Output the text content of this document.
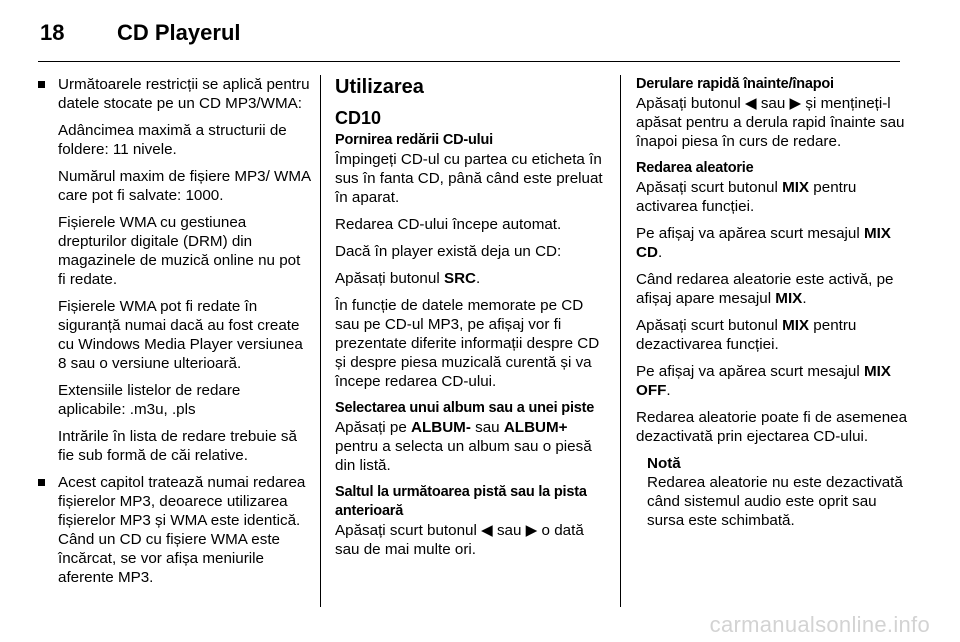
18 CD Playerul

Următoarele restricții se aplică pentru datele stocate pe un CD MP3/WMA:

Adâncimea maximă a structurii de foldere: 11 nivele.

Numărul maxim de fișiere MP3/ WMA care pot fi salvate: 1000.

Fișierele WMA cu gestiunea drepturilor digitale (DRM) din magazinele de muzică online nu pot fi redate.

Fișierele WMA pot fi redate în siguranță numai dacă au fost create cu Windows Media Player versiunea 8 sau o versiune ulterioară.

Extensiile listelor de redare aplicabile: .m3u, .pls

Intrările în lista de redare trebuie să fie sub formă de căi relative.

Acest capitol tratează numai redarea fișierelor MP3, deoarece utilizarea fișierelor MP3 și WMA este identică. Când un CD cu fișiere WMA este încărcat, se vor afișa meniurile aferente MP3.

Utilizarea
CD10
Pornirea redării CD-ului

Împingeți CD-ul cu partea cu eticheta în sus în fanta CD, până când este preluat în aparat.

Redarea CD-ului începe automat.

Dacă în player există deja un CD:

Apăsați butonul SRC.

În funcție de datele memorate pe CD sau pe CD-ul MP3, pe afișaj vor fi prezentate diferite informații despre CD și despre piesa muzicală curentă și va începe redarea CD-ului.

Selectarea unui album sau a unei piste

Apăsați pe ALBUM- sau ALBUM+ pentru a selecta un album sau o piesă din listă.

Saltul la următoarea pistă sau la pista anterioară

Apăsați scurt butonul ◀ sau ▶ o dată sau de mai multe ori.

Derulare rapidă înainte/înapoi

Apăsați butonul ◀ sau ▶ și mențineți-l apăsat pentru a derula rapid înainte sau înapoi piesa în curs de redare.

Redarea aleatorie

Apăsați scurt butonul MIX pentru activarea funcției.

Pe afișaj va apărea scurt mesajul MIX CD.

Când redarea aleatorie este activă, pe afișaj apare mesajul MIX.

Apăsați scurt butonul MIX pentru dezactivarea funcției.

Pe afișaj va apărea scurt mesajul MIX OFF.

Redarea aleatorie poate fi de asemenea dezactivată prin ejectarea CD-ului.

Notă

Redarea aleatorie nu este dezactivată când sistemul audio este oprit sau sursa este schimbată.

carmanualsonline.info
